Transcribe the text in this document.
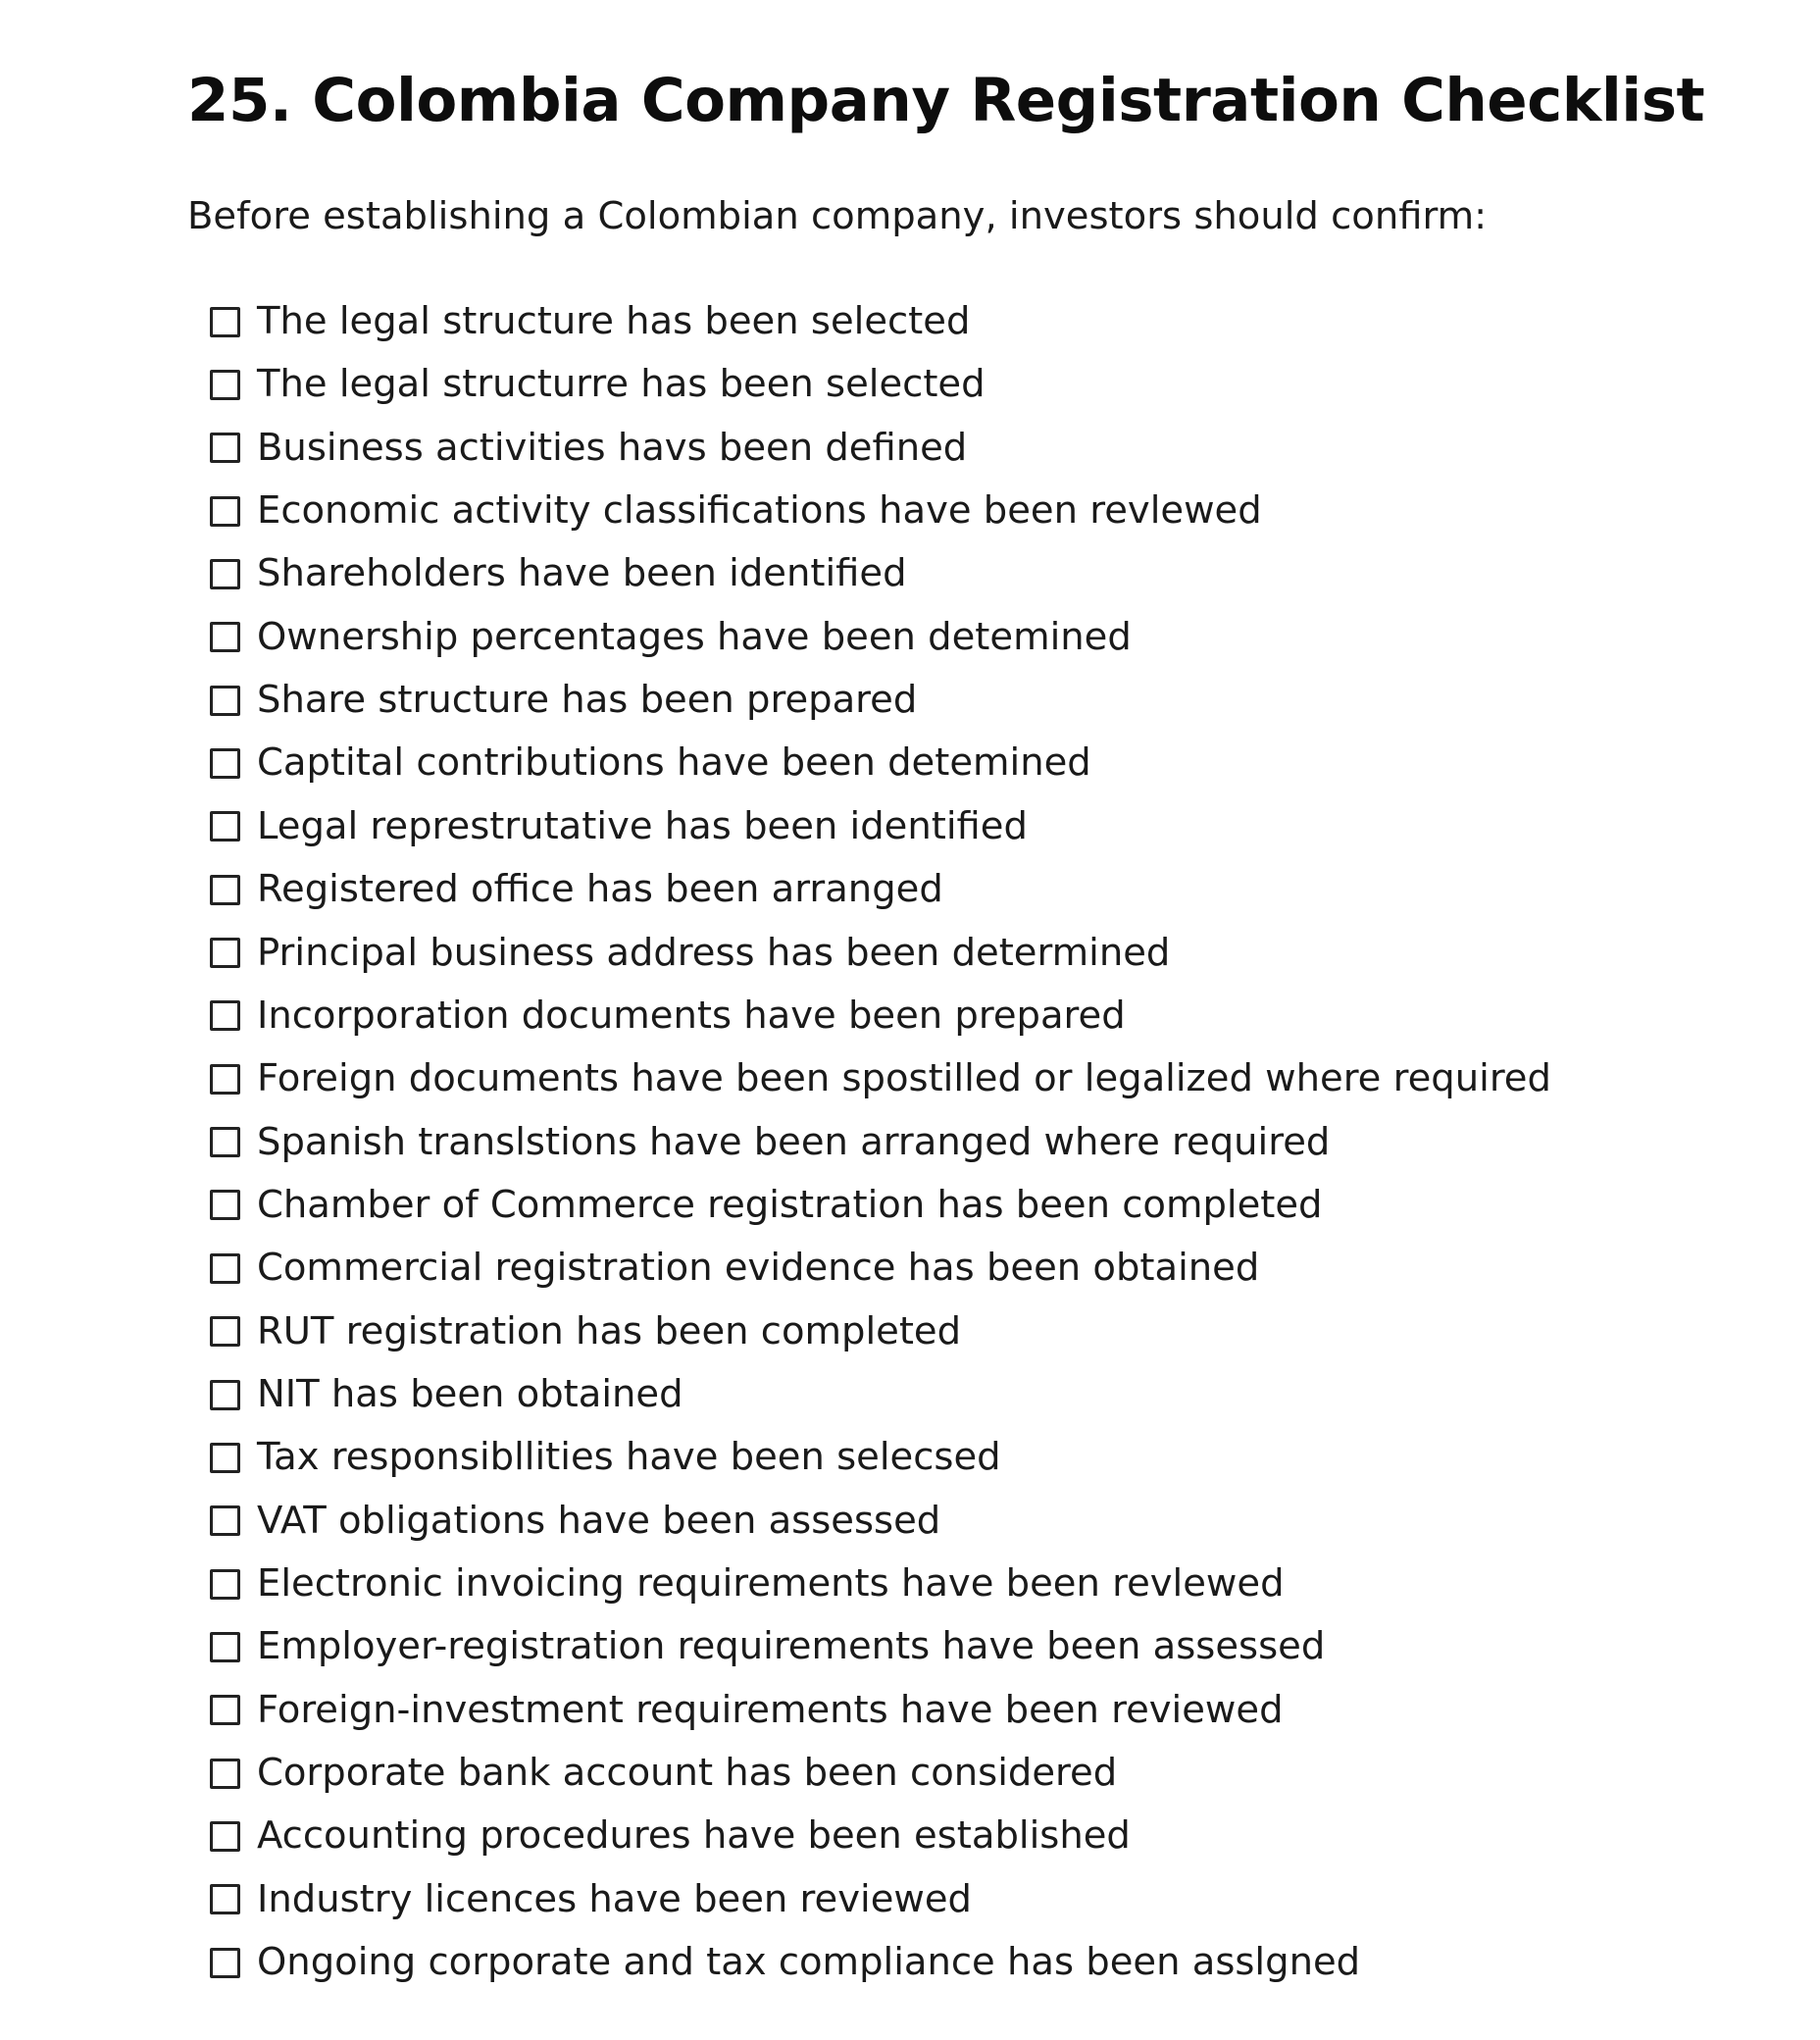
25. Colombia Company Registration Checklist

Before establishing a Colombian company, investors should confirm:

The legal structure has been selected
The legal structurre has been selected
Business activities havs been defined
Economic activity classifications have been revlewed
Shareholders have been identified
Ownership percentages have been detemined
Share structure has been prepared
Captital contributions have been detemined
Legal represtrutative has been identified
Registered office has been arranged
Principal business address has been determined
Incorporation documents have been prepared
Foreign documents have been spostilled or legalized where required
Spanish translstions have been arranged where required
Chamber of Commerce registration has been completed
Commercial registration evidence has been obtained
RUT registration has been completed
NIT has been obtained
Tax responsibllities have been selecsed
VAT obligations have been assessed
Electronic invoicing requirements have been revlewed
Employer-registration requirements have been assessed
Foreign-investment requirements have been reviewed
Corporate bank account has been considered
Accounting procedures have been established
Industry licences have been reviewed
Ongoing corporate and tax compliance has been asslgned
